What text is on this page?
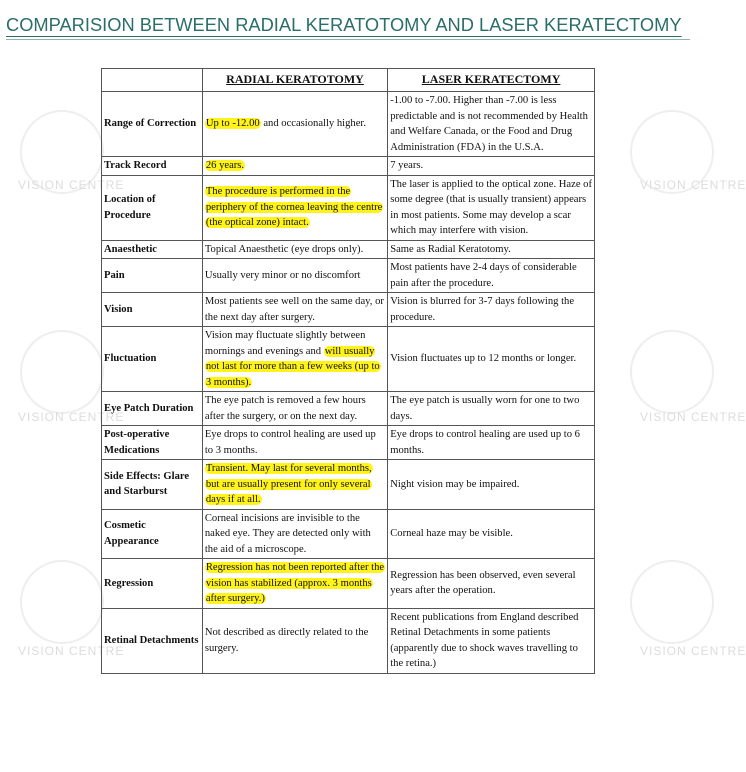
COMPARISION BETWEEN RADIAL KERATOTOMY AND LASER KERATECTOMY
VISION CENTRE
VISION CENTRE
VISION CENTRE
VISION CENTRE
VISION CENTRE
VISION CENTRE
	RADIAL KERATOTOMY	LASER KERATECTOMY
Range of Correction	Up to -12.00 and occasionally higher.	-1.00 to -7.00. Higher than -7.00 is less predictable and is not recommended by Health and Welfare Canada, or the Food and Drug Administration (FDA) in the U.S.A.
Track Record	26 years.	7 years.
Location of Procedure	The procedure is performed in the periphery of the cornea leaving the centre (the optical zone) intact.	The laser is applied to the optical zone. Haze of some degree (that is usually transient) appears in most patients. Some may develop a scar which may interfere with vision.
Anaesthetic	Topical Anaesthetic (eye drops only).	Same as Radial Keratotomy.
Pain	Usually very minor or no discomfort	Most patients have 2-4 days of considerable pain after the procedure.
Vision	Most patients see well on the same day, or the next day after surgery.	Vision is blurred for 3-7 days following the procedure.
Fluctuation	Vision may fluctuate slightly between mornings and evenings and will usually not last for more than a few weeks (up to 3 months).	Vision fluctuates up to 12 months or longer.
Eye Patch Duration	The eye patch is removed a few hours after the surgery, or on the next day.	The eye patch is usually worn for one to two days.
Post-operative Medications	Eye drops to control healing are used up to 3 months.	Eye drops to control healing are used up to 6 months.
Side Effects: Glare and Starburst	Transient. May last for several months, but are usually present for only several days if at all.	Night vision may be impaired.
Cosmetic Appearance	Corneal incisions are invisible to the naked eye. They are detected only with the aid of a microscope.	Corneal haze may be visible.
Regression	Regression has not been reported after the vision has stabilized (approx. 3 months after surgery.)	Regression has been observed, even several years after the operation.
Retinal Detachments	Not described as directly related to the surgery.	Recent publications from England described Retinal Detachments in some patients (apparently due to shock waves travelling to the retina.)
